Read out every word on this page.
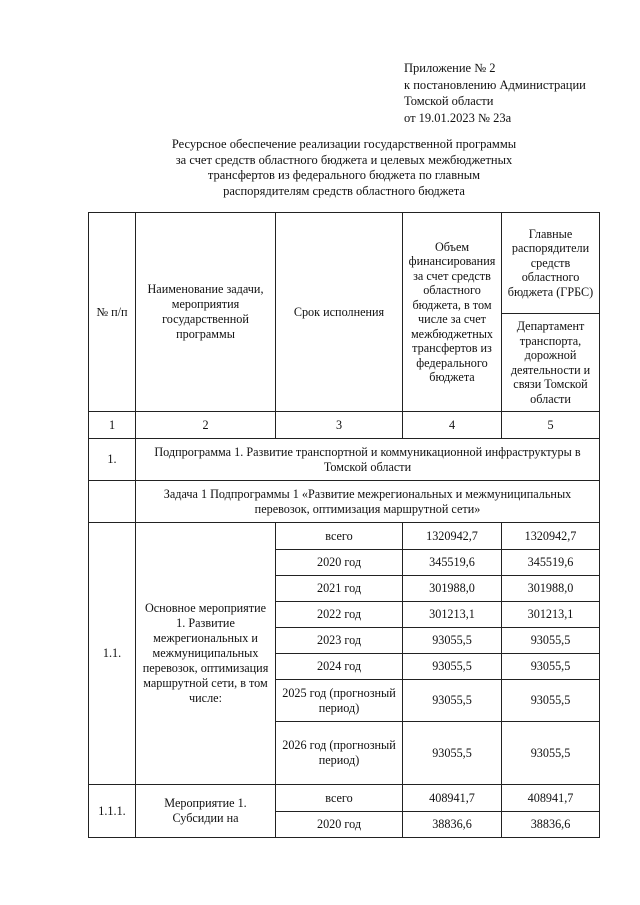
Приложение № 2
к постановлению Администрации
Томской области
от 19.01.2023 № 23а
Ресурсное обеспечение реализации государственной программы
за счет средств областного бюджета и целевых межбюджетных
трансфертов из федерального бюджета по главным
распорядителям средств областного бюджета
№ п/п	Наименование задачи, мероприятия государственной программы	Срок исполнения	Объем финансирования за счет средств областного бюджета, в том числе за счет межбюджетных трансфертов из федерального бюджета	Главные распорядители средств областного бюджета (ГРБС)
				Департамент транспорта, дорожной деятельности и связи Томской области
1	2	3	4	5
1.	Подпрограмма 1. Развитие транспортной и коммуникационной инфраструктуры в Томской области			
	Задача 1 Подпрограммы 1 «Развитие межрегиональных и межмуниципальных перевозок, оптимизация маршрутной сети»			
1.1.	Основное мероприятие 1. Развитие межрегиональных и межмуниципальных перевозок, оптимизация маршрутной сети, в том числе:	всего	1320942,7	1320942,7
		2020 год	345519,6	345519,6
		2021 год	301988,0	301988,0
		2022 год	301213,1	301213,1
		2023 год	93055,5	93055,5
		2024 год	93055,5	93055,5
		2025 год (прогнозный период)	93055,5	93055,5
		2026 год (прогнозный период)	93055,5	93055,5
1.1.1.	Мероприятие 1. Субсидии на	всего	408941,7	408941,7
		2020 год	38836,6	38836,6
